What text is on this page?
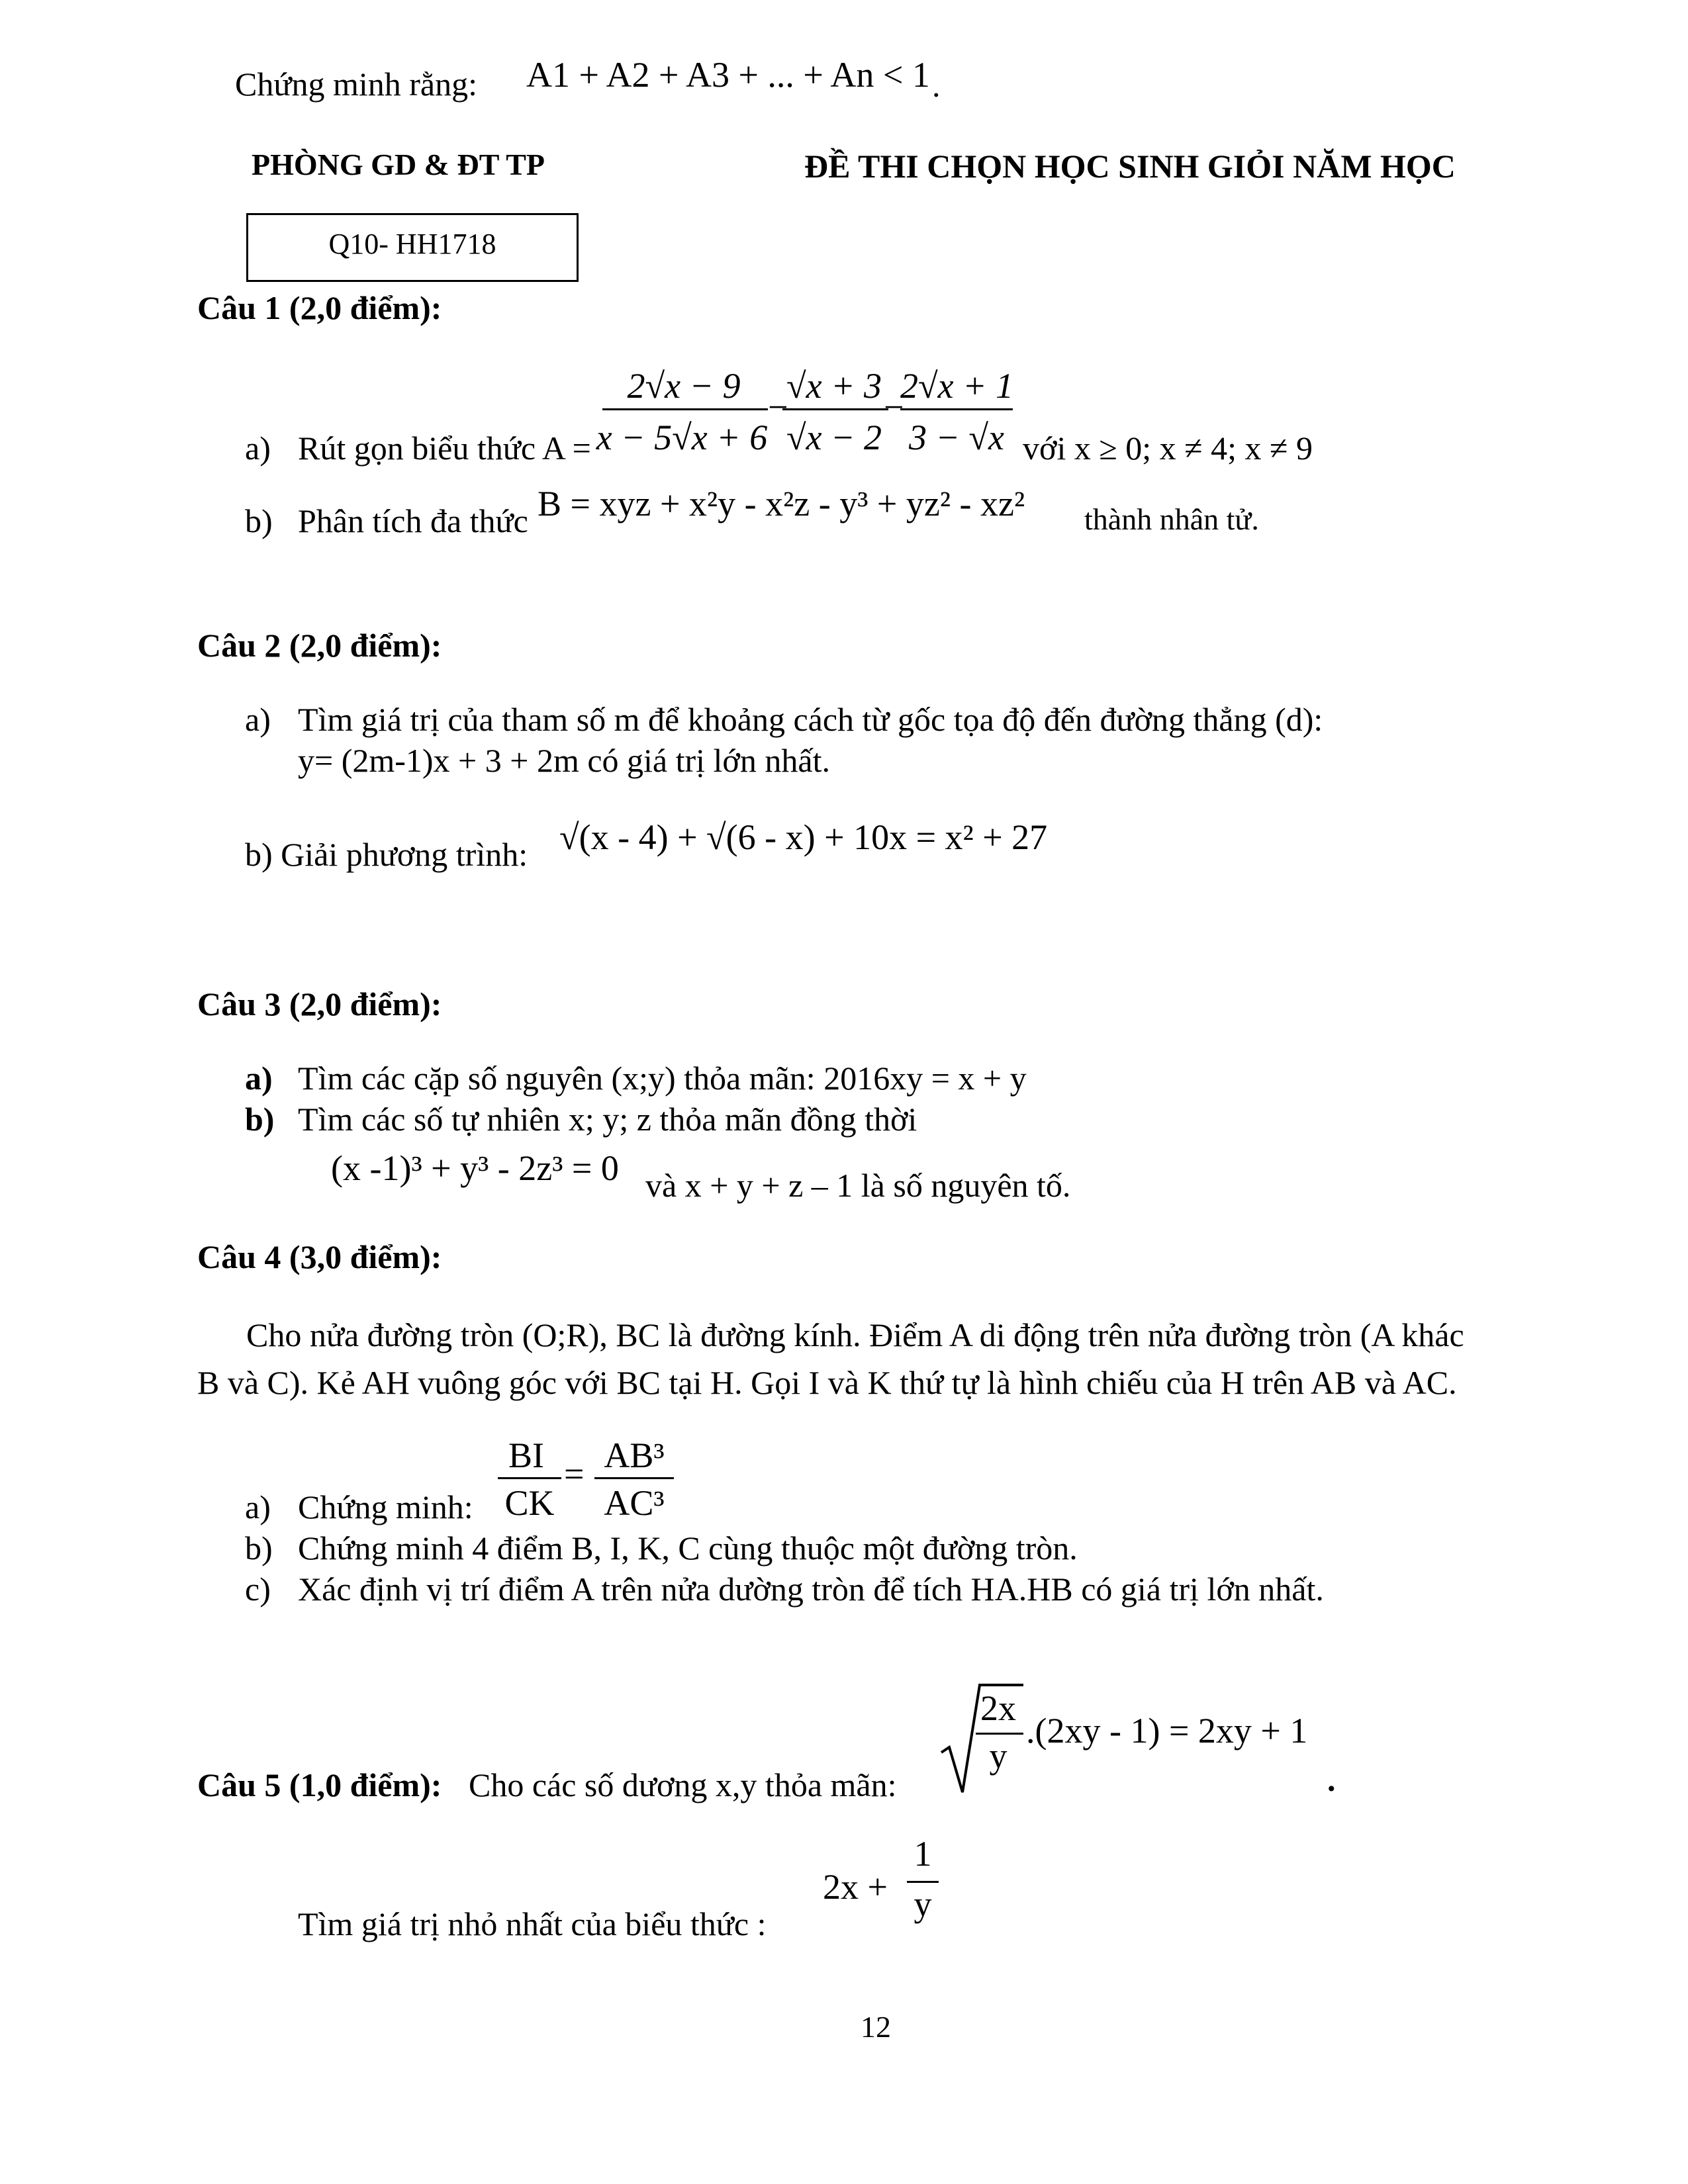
Chứng minh rằng: A1 + A2 + A3 + ... + An < 1 .
PHÒNG GD & ĐT TP	ĐỀ THI CHỌN HỌC SINH GIỎI NĂM HỌC
Q10- HH1718
Câu 1 (2,0 điểm):
a) Rút gọn biểu thức A =
2√x − 9
x − 5√x + 6
−
√x + 3
√x − 2
−
2√x + 1
3 − √x với x ≥ 0; x ≠ 4; x ≠ 9
b) Phân tích đa thức B = xyz + x²y - x²z - y³ + yz² - xz² thành nhân tử.
Câu 2 (2,0 điểm):
a) Tìm giá trị của tham số m để khoảng cách từ gốc tọa độ đến đường thẳng (d):
y= (2m-1)x + 3 + 2m có giá trị lớn nhất.
b) Giải phương trình: √(x - 4) + √(6 - x) + 10x = x² + 27
Câu 3 (2,0 điểm):
a) Tìm các cặp số nguyên (x;y) thỏa mãn: 2016xy = x + y
b) Tìm các số tự nhiên x; y; z thỏa mãn đồng thời
(x -1)³ + y³ - 2z³ = 0 và x + y + z – 1 là số nguyên tố.
Câu 4 (3,0 điểm):
Cho nửa đường tròn (O;R), BC là đường kính. Điểm A di động trên nửa đường tròn (A khác
B và C). Kẻ AH vuông góc với BC tại H. Gọi I và K thứ tự là hình chiếu của H trên AB và AC.
BI
CK
= AB³
AC³
a) Chứng minh:
b) Chứng minh 4 điểm B, I, K, C cùng thuộc một đường tròn.
c) Xác định vị trí điểm A trên nửa dường tròn để tích HA.HB có giá trị lớn nhất.
Câu 5 (1,0 điểm): Cho các số dương x,y thỏa mãn:
2x
y
.(2xy - 1) = 2xy + 1
.
Tìm giá trị nhỏ nhất của biểu thức :
2x +
1
y
12
